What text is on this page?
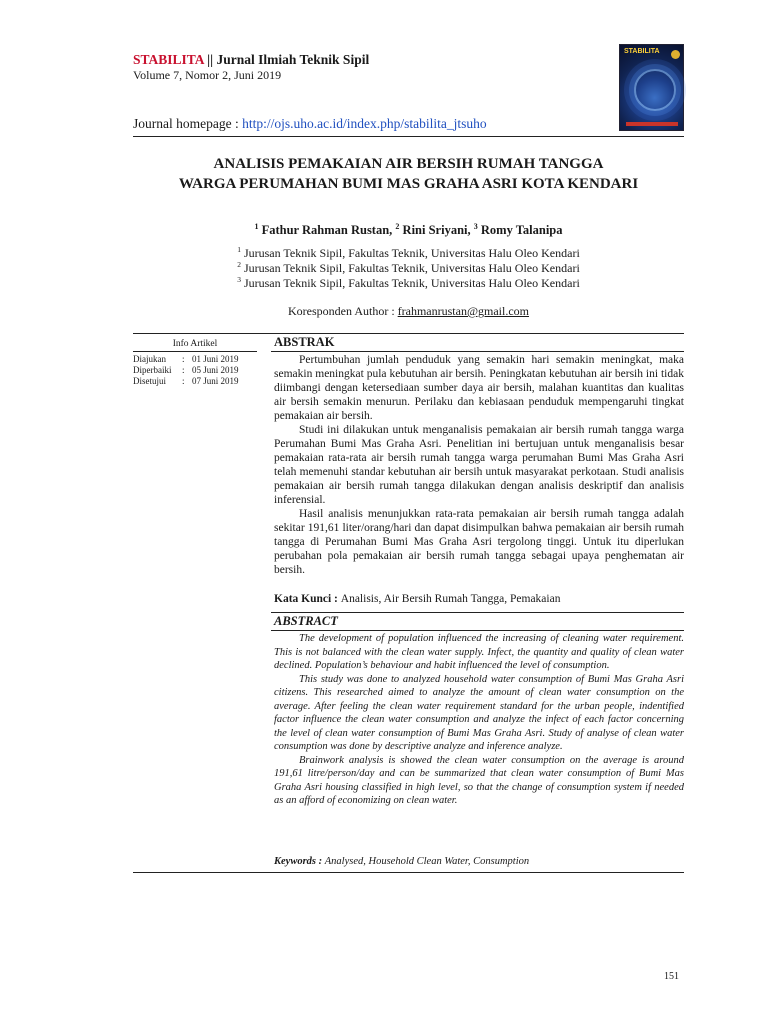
STABILITA || Jurnal Ilmiah Teknik Sipil
Volume 7, Nomor 2, Juni 2019
STABILITA
Journal homepage : http://ojs.uho.ac.id/index.php/stabilita_jtsuho
ANALISIS PEMAKAIAN AIR BERSIH RUMAH TANGGA
WARGA PERUMAHAN BUMI MAS GRAHA ASRI KOTA KENDARI
$^1$ Fathur Rahman Rustan, $^2$ Rini Sriyani, $^3$ Romy Talanipa
$^1$ Jurusan Teknik Sipil, Fakultas Teknik, Universitas Halu Oleo Kendari
$^2$ Jurusan Teknik Sipil, Fakultas Teknik, Universitas Halu Oleo Kendari
$^3$ Jurusan Teknik Sipil, Fakultas Teknik, Universitas Halu Oleo Kendari
Koresponden Author : frahmanrustan@gmail.com
Info Artikel
Diajukan	: 01 Juni 2019
Diperbaiki	: 05 Juni 2019
Disetujui	: 07 Juni 2019
ABSTRAK

Pertumbuhan jumlah penduduk yang semakin hari semakin meningkat, maka semakin meningkat pula kebutuhan air bersih. Peningkatan kebutuhan air bersih ini tidak diimbangi dengan ketersediaan sumber daya air bersih, malahan kuantitas dan kualitas air bersih semakin menurun. Perilaku dan kebiasaan penduduk mempengaruhi tingkat pemakaian air bersih.

Studi ini dilakukan untuk menganalisis pemakaian air bersih rumah tangga warga Perumahan Bumi Mas Graha Asri. Penelitian ini bertujuan untuk menganalisis besar pemakaian rata-rata air bersih rumah tangga warga perumahan Bumi Mas Graha Asri telah memenuhi standar kebutuhan air bersih untuk masyarakat perkotaan. Studi analisis pemakaian air bersih rumah tangga dilakukan dengan analisis deskriptif dan analisis inferensial.

Hasil analisis menunjukkan rata-rata pemakaian air bersih rumah tangga adalah sekitar 191,61 liter/orang/hari dan dapat disimpulkan bahwa pemakaian air bersih rumah tangga di Perumahan Bumi Mas Graha Asri tergolong tinggi. Untuk itu diperlukan perubahan pola pemakaian air bersih rumah tangga sebagai upaya penghematan air bersih.

Kata Kunci : Analisis, Air Bersih Rumah Tangga, Pemakaian
ABSTRACT

The development of population influenced the increasing of cleaning water requirement. This is not balanced with the clean water supply. Infect, the quantity and quality of clean water declined. Population’s behaviour and habit influenced the level of consumption.

This study was done to analyzed household water consumption of Bumi Mas Graha Asri citizens. This researched aimed to analyze the amount of clean water consumption on the average. After feeling the clean water requirement standard for the urban people, indentified factor influence the clean water consumption and analyze the infect of each factor concerning the level of clean water consumption of Bumi Mas Graha Asri. Study of analyse of clean water consumption was done by descriptive analyze and inference analyze.

Brainwork analysis is showed the clean water consumption on the average is around 191,61 litre/person/day and can be summarized that clean water consumption of Bumi Mas Graha Asri housing classified in high level, so that the change of consumption system if needed as an afford of economizing on clean water.

Keywords : Analysed, Household Clean Water, Consumption
151
